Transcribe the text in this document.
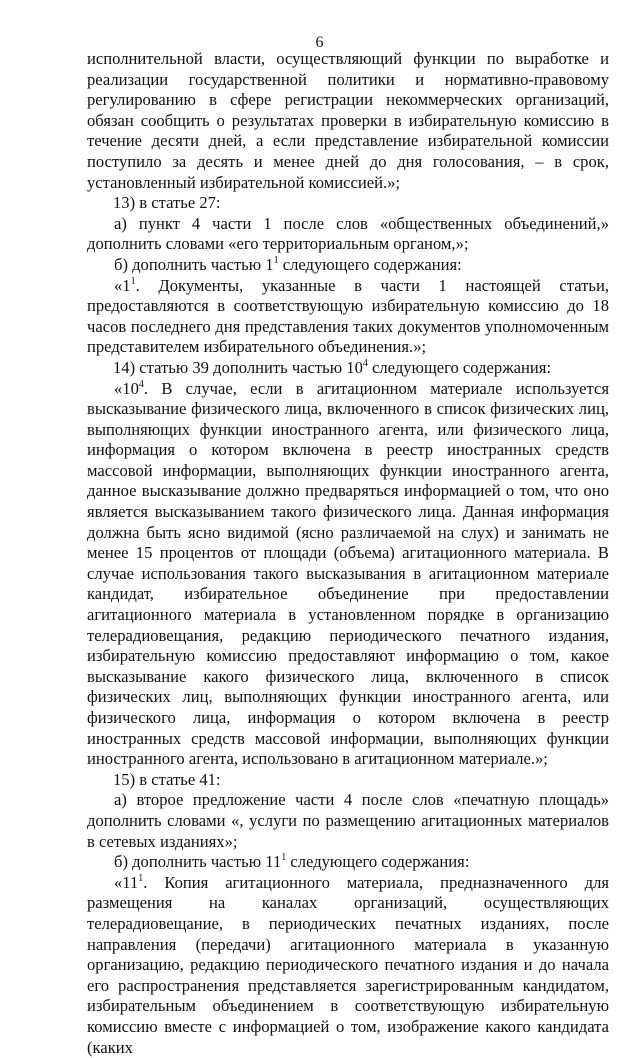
6

исполнительной власти, осуществляющий функции по выработке и реализации государственной политики и нормативно-правовому регулированию в сфере регистрации некоммерческих организаций, обязан сообщить о результатах проверки в избирательную комиссию в течение десяти дней, а если представление избирательной комиссии поступило за десять и менее дней до дня голосования, – в срок, установленный избирательной комиссией.»;

13) в статье 27:

а) пункт 4 части 1 после слов «общественных объединений,» дополнить словами «его территориальным органом,»;

б) дополнить частью $1^1$ следующего содержания:

«$1^1$. Документы, указанные в части 1 настоящей статьи, предоставляются в соответствующую избирательную комиссию до 18 часов последнего дня представления таких документов уполномоченным представителем избирательного объединения.»;

14) статью 39 дополнить частью $10^4$ следующего содержания:

«$10^4$. В случае, если в агитационном материале используется высказывание физического лица, включенного в список физических лиц, выполняющих функции иностранного агента, или физического лица, информация о котором включена в реестр иностранных средств массовой информации, выполняющих функции иностранного агента, данное высказывание должно предваряться информацией о том, что оно является высказыванием такого физического лица. Данная информация должна быть ясно видимой (ясно различаемой на слух) и занимать не менее 15 процентов от площади (объема) агитационного материала. В случае использования такого высказывания в агитационном материале кандидат, избирательное объединение при предоставлении агитационного материала в установленном порядке в организацию телерадиовещания, редакцию периодического печатного издания, избирательную комиссию предоставляют информацию о том, какое высказывание какого физического лица, включенного в список физических лиц, выполняющих функции иностранного агента, или физического лица, информация о котором включена в реестр иностранных средств массовой информации, выполняющих функции иностранного агента, использовано в агитационном материале.»;

15) в статье 41:

а) второе предложение части 4 после слов «печатную площадь» дополнить словами «, услуги по размещению агитационных материалов в сетевых изданиях»;

б) дополнить частью $11^1$ следующего содержания:

«$11^1$. Копия агитационного материала, предназначенного для размещения на каналах организаций, осуществляющих телерадиовещание, в периодических печатных изданиях, после направления (передачи) агитационного материала в указанную организацию, редакцию периодического печатного издания и до начала его распространения представляется зарегистрированным кандидатом, избирательным объединением в соответствующую избирательную комиссию вместе с информацией о том, изображение какого кандидата (каких
